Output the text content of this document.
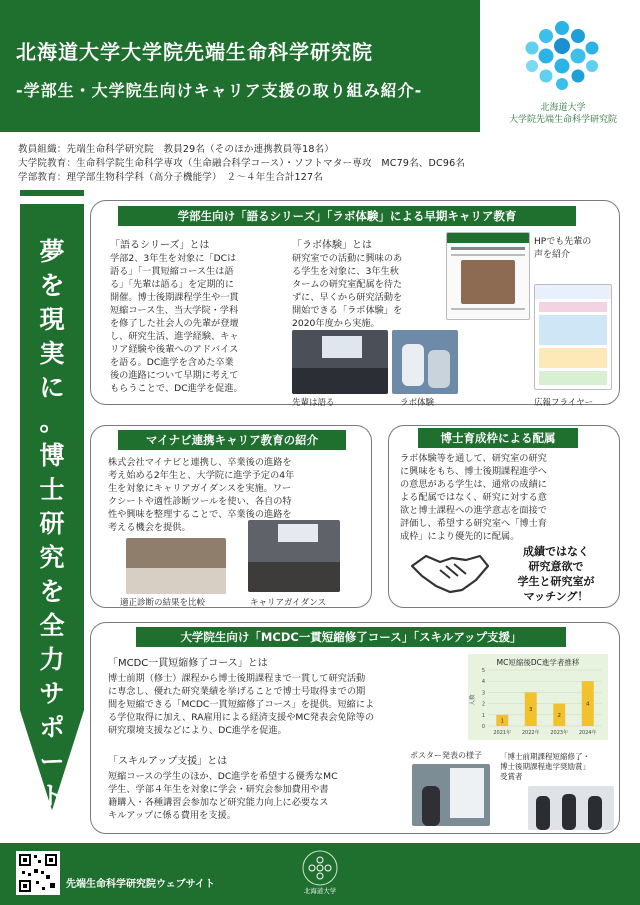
北海道大学大学院先端生命科学研究院
-学部生・大学院生向けキャリア支援の取り組み紹介-
北海道大学
大学院先端生命科学研究院
教員組織：先端生命科学研究院　教員29名（そのほか連携教員等18名）
大学院教育：生命科学院生命科学専攻（生命融合科学コース）・ソフトマター専攻　MC79名、DC96名
学部教育：理学部生物科学科（高分子機能学）　２～４年生合計127名
夢
を
現
実
に
。
博
士
研
究
を
全
力
サ
ポ
ー
ト
学部生向け「語るシリーズ」「ラボ体験」による早期キャリア教育
「語るシリーズ」とは
学部2、3年生を対象に「DCは
語る」「一貫短縮コース生は語
る」「先輩は語る」を定期的に
開催。博士後期課程学生や一貫
短縮コース生、当大学院・学科
を修了した社会人の先輩が登壇
し、研究生活、進学経験、キャ
リア経験や後輩へのアドバイス
を語る。DC進学を含めた卒業
後の進路について早期に考えて
もらうことで、DC進学を促進。
「ラボ体験」とは
研究室での活動に興味のあ
る学生を対象に、3年生秋
タームの研究室配属を待た
ずに、早くから研究活動を
開始できる「ラボ体験」を
2020年度から実施。
HPでも先輩の
声を紹介
先輩は語る	ラボ体験	広報フライヤー
マイナビ連携キャリア教育の紹介
株式会社マイナビと連携し、卒業後の進路を
考え始める2年生と、大学院に進学予定の4年
生を対象にキャリアガイダンスを実施。ワー
クシートや適性診断ツールを使い、各自の特
性や興味を整理することで、卒業後の進路を
考える機会を提供。
適正診断の結果を比較	キャリアガイダンス
博士育成枠による配属
ラボ体験等を通して、研究室の研究
に興味をもち、博士後期課程進学へ
の意思がある学生は、通常の成績に
よる配属ではなく、研究に対する意
欲と博士課程への進学意志を面接で
評価し、希望する研究室へ「博士育
成枠」により優先的に配属。
成績ではなく
研究意欲で
学生と研究室が
マッチング！
大学院生向け「MCDC一貫短縮修了コース」「スキルアップ支援」
「MCDC一貫短縮修了コース」とは
博士前期（修士）課程から博士後期課程まで一貫して研究活動
に専念し、優れた研究業績を挙げることで博士号取得までの期
間を短縮できる「MCDC一貫短縮修了コース」を提供。短縮によ
る学位取得に加え、RA雇用による経済支援やMC発表会免除等の
研究環境支援などにより、DC進学を促進。
「スキルアップ支援」とは
短縮コースの学生のほか、DC進学を希望する優秀なMC
学生、学部４年生を対象に学会・研究会参加費用や書
籍購入・各種講習会参加など研究能力向上に必要なス
キルアップに係る費用を支援。
MC短縮後DC進学者推移
人数
1
3
2
4
2021年 2022年 2023年 2024年
0
1
2
3
4
5
ポスター発表の様子 「博士前期課程短縮修了・
博士後期課程進学奨励賞」
受賞者
先端生命科学研究院ウェブサイト
北海道大学
